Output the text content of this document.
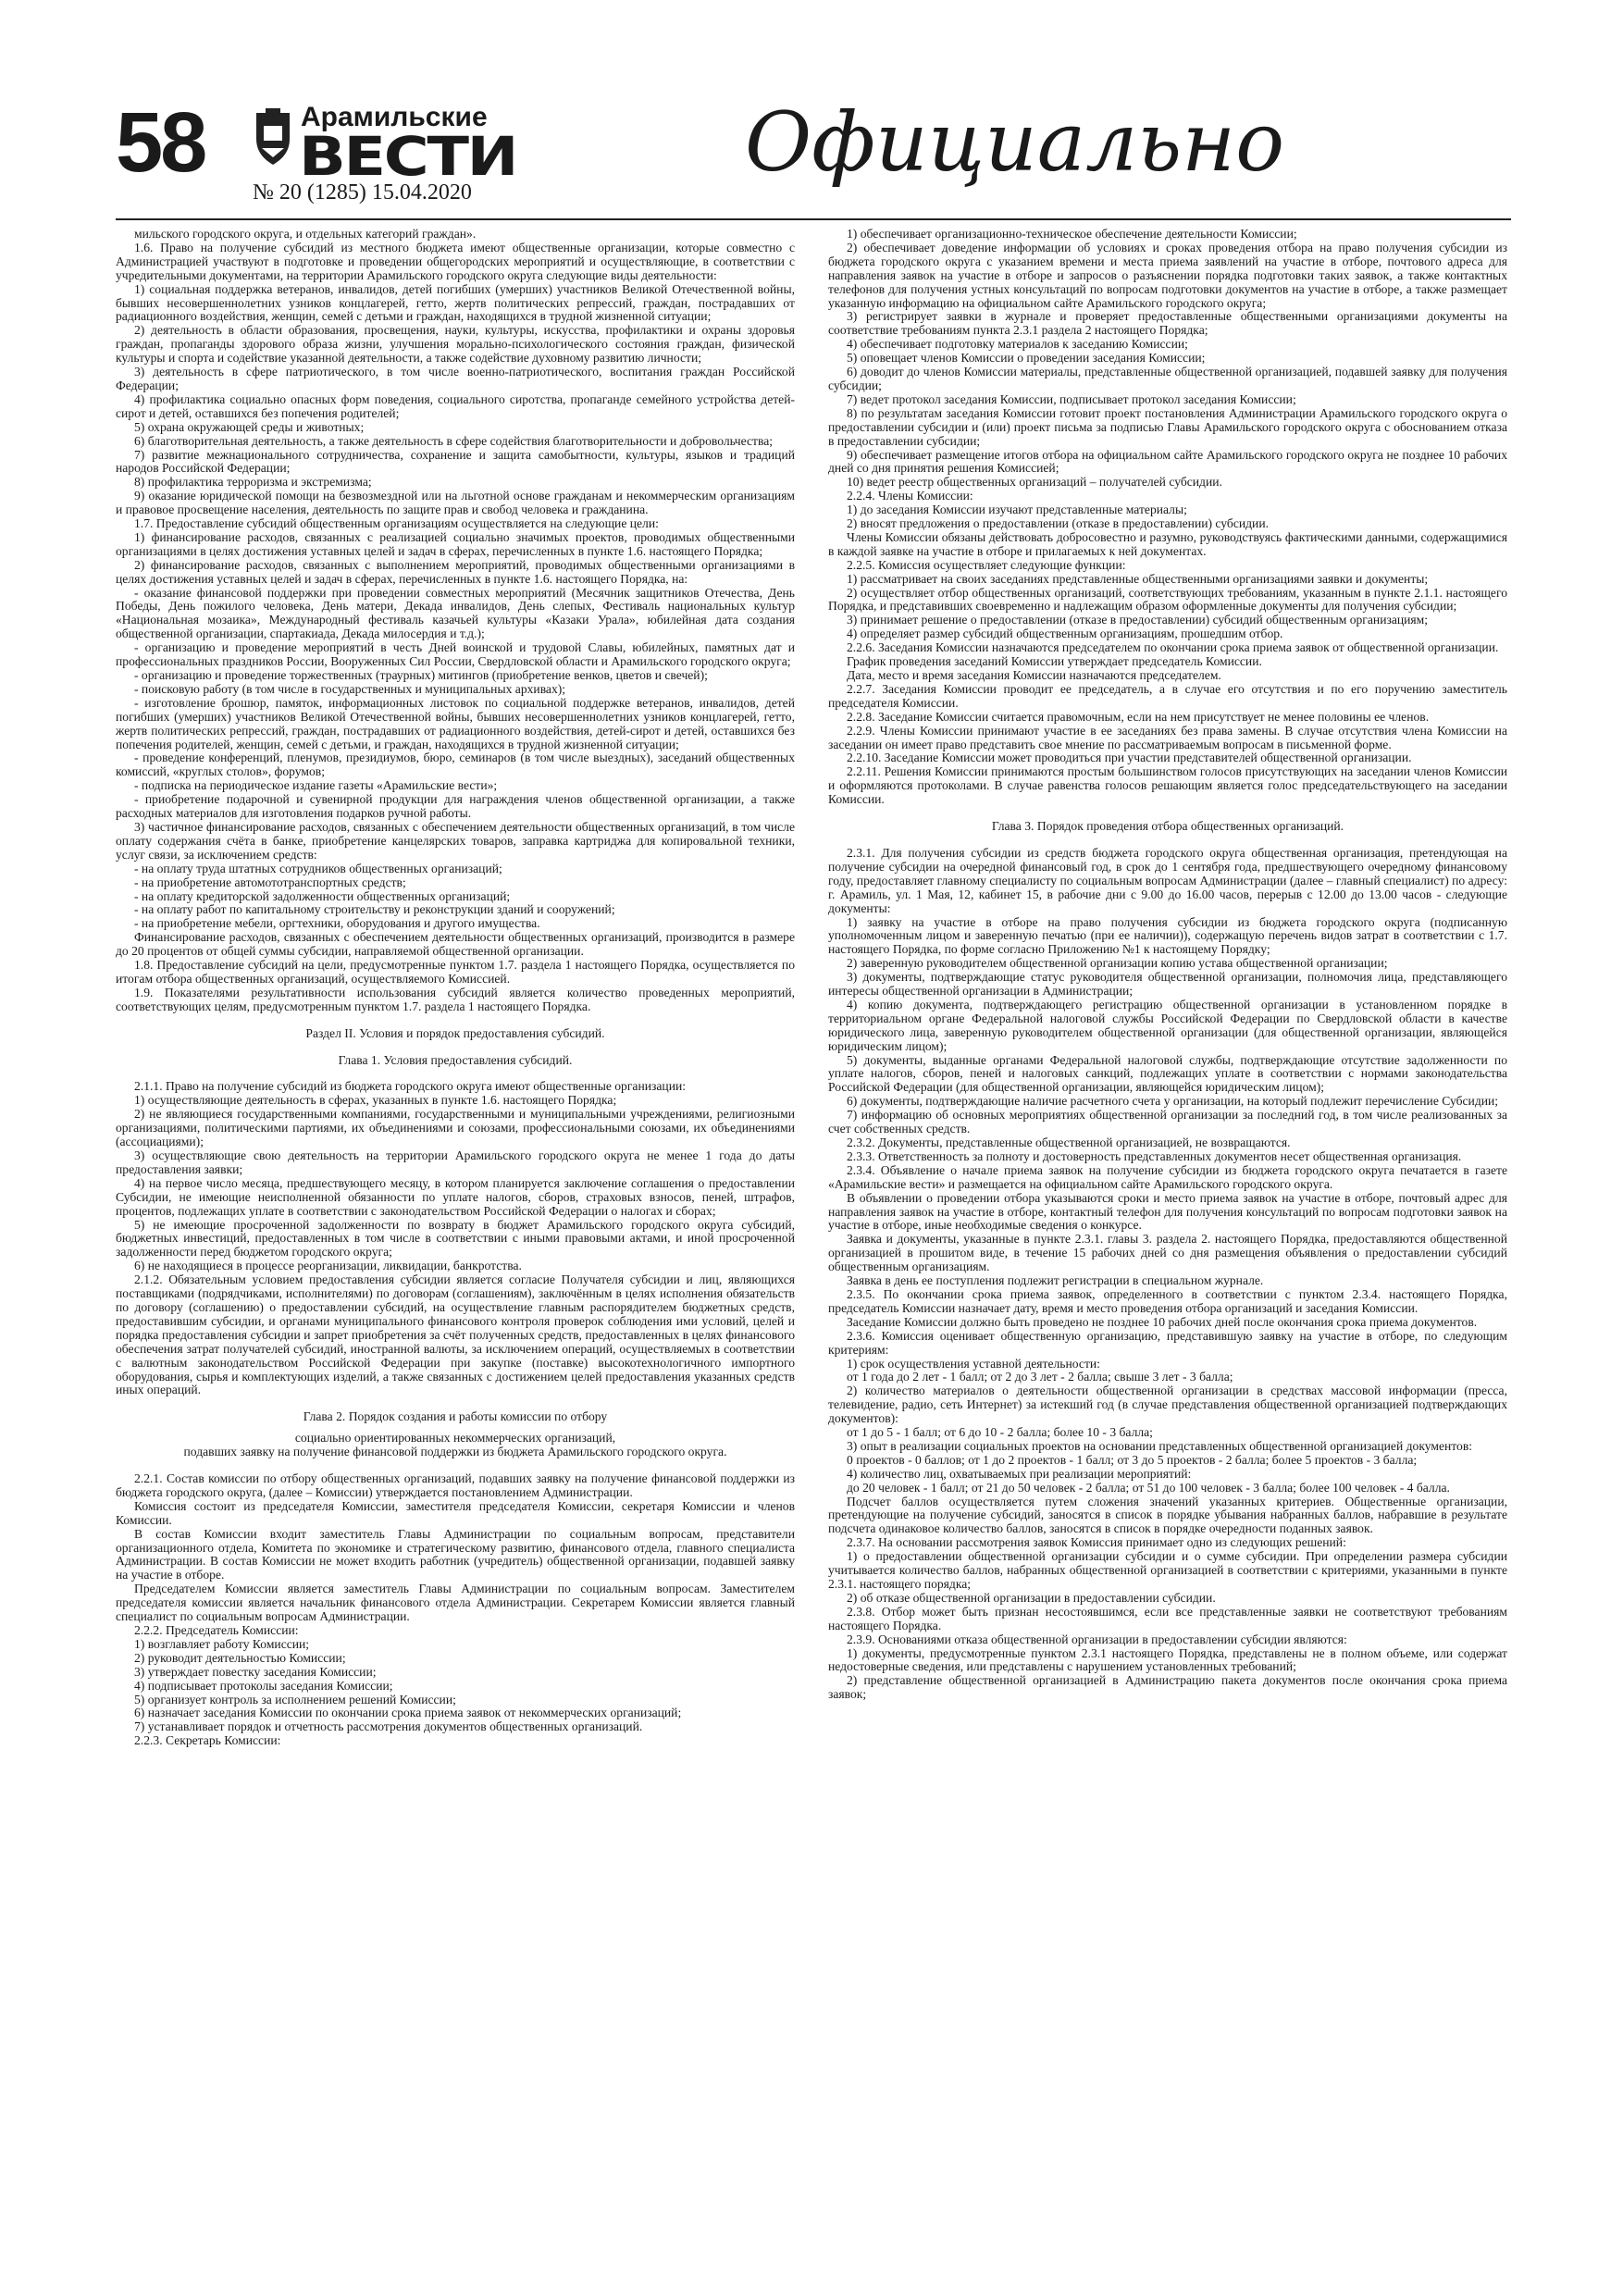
58	Арамильские
ВЕСТИ
№ 20 (1285) 15.04.2020
Официально

мильского городского округа, и отдельных категорий граждан».

1.6. Право на получение субсидий из местного бюджета имеют общественные организации, которые совместно с Администрацией участвуют в подготовке и проведении общегородских мероприятий и осуществляющие, в соответствии с учредительными документами, на территории Арамильского городского округа следующие виды деятельности:

1) социальная поддержка ветеранов, инвалидов, детей погибших (умерших) участников Великой Отечественной войны, бывших несовершеннолетних узников концлагерей, гетто, жертв политических репрессий, граждан, пострадавших от радиационного воздействия, женщин, семей с детьми и граждан, находящихся в трудной жизненной ситуации;

2) деятельность в области образования, просвещения, науки, культуры, искусства, профилактики и охраны здоровья граждан, пропаганды здорового образа жизни, улучшения морально-психологического состояния граждан, физической культуры и спорта и содействие указанной деятельности, а также содействие духовному развитию личности;

3) деятельность в сфере патриотического, в том числе военно-патриотического, воспитания граждан Российской Федерации;

4) профилактика социально опасных форм поведения, социального сиротства, пропаганде семейного устройства детей-сирот и детей, оставшихся без попечения родителей;

5) охрана окружающей среды и животных;

6) благотворительная деятельность, а также деятельность в сфере содействия благотворительности и добровольчества;

7) развитие межнационального сотрудничества, сохранение и защита самобытности, культуры, языков и традиций народов Российской Федерации;

8) профилактика терроризма и экстремизма;

9) оказание юридической помощи на безвозмездной или на льготной основе гражданам и некоммерческим организациям и правовое просвещение населения, деятельность по защите прав и свобод человека и гражданина.

1.7. Предоставление субсидий общественным организациям осуществляется на следующие цели:

1) финансирование расходов, связанных с реализацией социально значимых проектов, проводимых общественными организациями в целях достижения уставных целей и задач в сферах, перечисленных в пункте 1.6. настоящего Порядка;

2) финансирование расходов, связанных с выполнением мероприятий, проводимых общественными организациями в целях достижения уставных целей и задач в сферах, перечисленных в пункте 1.6. настоящего Порядка, на:

- оказание финансовой поддержки при проведении совместных мероприятий (Месячник защитников Отечества, День Победы, День пожилого человека, День матери, Декада инвалидов, День слепых, Фестиваль национальных культур «Национальная мозаика», Международный фестиваль казачьей культуры «Казаки Урала», юбилейная дата создания общественной организации, спартакиада, Декада милосердия и т.д.);

- организацию и проведение мероприятий в честь Дней воинской и трудовой Славы, юбилейных, памятных дат и профессиональных праздников России, Вооруженных Сил России, Свердловской области и Арамильского городского округа;

- организацию и проведение торжественных (траурных) митингов (приобретение венков, цветов и свечей);

- поисковую работу (в том числе в государственных и муниципальных архивах);

- изготовление брошюр, памяток, информационных листовок по социальной поддержке ветеранов, инвалидов, детей погибших (умерших) участников Великой Отечественной войны, бывших несовершеннолетних узников концлагерей, гетто, жертв политических репрессий, граждан, пострадавших от радиационного воздействия, детей-сирот и детей, оставшихся без попечения родителей, женщин, семей с детьми, и граждан, находящихся в трудной жизненной ситуации;

- проведение конференций, пленумов, президиумов, бюро, семинаров (в том числе выездных), заседаний общественных комиссий, «круглых столов», форумов;

- подписка на периодическое издание газеты «Арамильские вести»;

- приобретение подарочной и сувенирной продукции для награждения членов общественной организации, а также расходных материалов для изготовления подарков ручной работы.

3) частичное финансирование расходов, связанных с обеспечением деятельности общественных организаций, в том числе оплату содержания счёта в банке, приобретение канцелярских товаров, заправка картриджа для копировальной техники, услуг связи, за исключением средств:

- на оплату труда штатных сотрудников общественных организаций;

- на приобретение автомототранспортных средств;

- на оплату кредиторской задолженности общественных организаций;

- на оплату работ по капитальному строительству и реконструкции зданий и сооружений;

- на приобретение мебели, оргтехники, оборудования и другого имущества.

Финансирование расходов, связанных с обеспечением деятельности общественных организаций, производится в размере до 20 процентов от общей суммы субсидии, направляемой общественной организации.

1.8. Предоставление субсидий на цели, предусмотренные пунктом 1.7. раздела 1 настоящего Порядка, осуществляется по итогам отбора общественных организаций, осуществляемого Комиссией.

1.9. Показателями результативности использования субсидий является количество проведенных мероприятий, соответствующих целям, предусмотренным пунктом 1.7. раздела 1 настоящего Порядка.

Раздел II. Условия и порядок предоставления субсидий.

Глава 1. Условия предоставления субсидий.

2.1.1. Право на получение субсидий из бюджета городского округа имеют общественные организации:

1) осуществляющие деятельность в сферах, указанных в пункте 1.6. настоящего Порядка;

2) не являющиеся государственными компаниями, государственными и муниципальными учреждениями, религиозными организациями, политическими партиями, их объединениями и союзами, профессиональными союзами, их объединениями (ассоциациями);

3) осуществляющие свою деятельность на территории Арамильского городского округа не менее 1 года до даты предоставления заявки;

4) на первое число месяца, предшествующего месяцу, в котором планируется заключение соглашения о предоставлении Субсидии, не имеющие неисполненной обязанности по уплате налогов, сборов, страховых взносов, пеней, штрафов, процентов, подлежащих уплате в соответствии с законодательством Российской Федерации о налогах и сборах;

5) не имеющие просроченной задолженности по возврату в бюджет Арамильского городского округа субсидий, бюджетных инвестиций, предоставленных в том числе в соответствии с иными правовыми актами, и иной просроченной задолженности перед бюджетом городского округа;

6) не находящиеся в процессе реорганизации, ликвидации, банкротства.

2.1.2. Обязательным условием предоставления субсидии является согласие Получателя субсидии и лиц, являющихся поставщиками (подрядчиками, исполнителями) по договорам (соглашениям), заключённым в целях исполнения обязательств по договору (соглашению) о предоставлении субсидий, на осуществление главным распорядителем бюджетных средств, предоставившим субсидии, и органами муниципального финансового контроля проверок соблюдения ими условий, целей и порядка предоставления субсидии и запрет приобретения за счёт полученных средств, предоставленных в целях финансового обеспечения затрат получателей субсидий, иностранной валюты, за исключением операций, осуществляемых в соответствии с валютным законодательством Российской Федерации при закупке (поставке) высокотехнологичного импортного оборудования, сырья и комплектующих изделий, а также связанных с достижением целей предоставления указанных средств иных операций.

Глава 2. Порядок создания и работы комиссии по отбору

социально ориентированных некоммерческих организаций,

подавших заявку на получение финансовой поддержки из бюджета Арамильского городского округа.

2.2.1. Состав комиссии по отбору общественных организаций, подавших заявку на получение финансовой поддержки из бюджета городского округа, (далее – Комиссии) утверждается постановлением Администрации.

Комиссия состоит из председателя Комиссии, заместителя председателя Комиссии, секретаря Комиссии и членов Комиссии.

В состав Комиссии входит заместитель Главы Администрации по социальным вопросам, представители организационного отдела, Комитета по экономике и стратегическому развитию, финансового отдела, главного специалиста Администрации. В состав Комиссии не может входить работник (учредитель) общественной организации, подавшей заявку на участие в отборе.

Председателем Комиссии является заместитель Главы Администрации по социальным вопросам. Заместителем председателя комиссии является начальник финансового отдела Администрации. Секретарем Комиссии является главный специалист по социальным вопросам Администрации.

2.2.2. Председатель Комиссии:

1) возглавляет работу Комиссии;

2) руководит деятельностью Комиссии;

3) утверждает повестку заседания Комиссии;

4) подписывает протоколы заседания Комиссии;

5) организует контроль за исполнением решений Комиссии;

6) назначает заседания Комиссии по окончании срока приема заявок от некоммерческих организаций;

7) устанавливает порядок и отчетность рассмотрения документов общественных организаций.

2.2.3. Секретарь Комиссии:

1) обеспечивает организационно-техническое обеспечение деятельности Комиссии;

2) обеспечивает доведение информации об условиях и сроках проведения отбора на право получения субсидии из бюджета городского округа с указанием времени и места приема заявлений на участие в отборе, почтового адреса для направления заявок на участие в отборе и запросов о разъяснении порядка подготовки таких заявок, а также контактных телефонов для получения устных консультаций по вопросам подготовки документов на участие в отборе, а также размещает указанную информацию на официальном сайте Арамильского городского округа;

3) регистрирует заявки в журнале и проверяет предоставленные общественными организациями документы на соответствие требованиям пункта 2.3.1 раздела 2 настоящего Порядка;

4) обеспечивает подготовку материалов к заседанию Комиссии;

5) оповещает членов Комиссии о проведении заседания Комиссии;

6) доводит до членов Комиссии материалы, представленные общественной организацией, подавшей заявку для получения субсидии;

7) ведет протокол заседания Комиссии, подписывает протокол заседания Комиссии;

8) по результатам заседания Комиссии готовит проект постановления Администрации Арамильского городского округа о предоставлении субсидии и (или) проект письма за подписью Главы Арамильского городского округа с обоснованием отказа в предоставлении субсидии;

9) обеспечивает размещение итогов отбора на официальном сайте Арамильского городского округа не позднее 10 рабочих дней со дня принятия решения Комиссией;

10) ведет реестр общественных организаций – получателей субсидии.

2.2.4. Члены Комиссии:

1) до заседания Комиссии изучают представленные материалы;

2) вносят предложения о предоставлении (отказе в предоставлении) субсидии.

Члены Комиссии обязаны действовать добросовестно и разумно, руководствуясь фактическими данными, содержащимися в каждой заявке на участие в отборе и прилагаемых к ней документах.

2.2.5. Комиссия осуществляет следующие функции:

1) рассматривает на своих заседаниях представленные общественными организациями заявки и документы;

2) осуществляет отбор общественных организаций, соответствующих требованиям, указанным в пункте 2.1.1. настоящего Порядка, и представивших своевременно и надлежащим образом оформленные документы для получения субсидии;

3) принимает решение о предоставлении (отказе в предоставлении) субсидий общественным организациям;

4) определяет размер субсидий общественным организациям, прошедшим отбор.

2.2.6. Заседания Комиссии назначаются председателем по окончании срока приема заявок от общественной организации.

График проведения заседаний Комиссии утверждает председатель Комиссии.

Дата, место и время заседания Комиссии назначаются председателем.

2.2.7. Заседания Комиссии проводит ее председатель, а в случае его отсутствия и по его поручению заместитель председателя Комиссии.

2.2.8. Заседание Комиссии считается правомочным, если на нем присутствует не менее половины ее членов.

2.2.9. Члены Комиссии принимают участие в ее заседаниях без права замены. В случае отсутствия члена Комиссии на заседании он имеет право представить свое мнение по рассматриваемым вопросам в письменной форме.

2.2.10. Заседание Комиссии может проводиться при участии представителей общественной организации.

2.2.11. Решения Комиссии принимаются простым большинством голосов присутствующих на заседании членов Комиссии и оформляются протоколами. В случае равенства голосов решающим является голос председательствующего на заседании Комиссии.

Глава 3. Порядок проведения отбора общественных организаций.

2.3.1. Для получения субсидии из средств бюджета городского округа общественная организация, претендующая на получение субсидии на очередной финансовый год, в срок до 1 сентября года, предшествующего очередному финансовому году, предоставляет главному специалисту по социальным вопросам Администрации (далее – главный специалист) по адресу: г. Арамиль, ул. 1 Мая, 12, кабинет 15, в рабочие дни с 9.00 до 16.00 часов, перерыв с 12.00 до 13.00 часов - следующие документы:

1) заявку на участие в отборе на право получения субсидии из бюджета городского округа (подписанную уполномоченным лицом и заверенную печатью (при ее наличии)), содержащую перечень видов затрат в соответствии с 1.7. настоящего Порядка, по форме согласно Приложению №1 к настоящему Порядку;

2) заверенную руководителем общественной организации копию устава общественной организации;

3) документы, подтверждающие статус руководителя общественной организации, полномочия лица, представляющего интересы общественной организации в Администрации;

4) копию документа, подтверждающего регистрацию общественной организации в установленном порядке в территориальном органе Федеральной налоговой службы Российской Федерации по Свердловской области в качестве юридического лица, заверенную руководителем общественной организации (для общественной организации, являющейся юридическим лицом);

5) документы, выданные органами Федеральной налоговой службы, подтверждающие отсутствие задолженности по уплате налогов, сборов, пеней и налоговых санкций, подлежащих уплате в соответствии с нормами законодательства Российской Федерации (для общественной организации, являющейся юридическим лицом);

6) документы, подтверждающие наличие расчетного счета у организации, на который подлежит перечисление Субсидии;

7) информацию об основных мероприятиях общественной организации за последний год, в том числе реализованных за счет собственных средств.

2.3.2. Документы, представленные общественной организацией, не возвращаются.

2.3.3. Ответственность за полноту и достоверность представленных документов несет общественная организация.

2.3.4. Объявление о начале приема заявок на получение субсидии из бюджета городского округа печатается в газете «Арамильские вести» и размещается на официальном сайте Арамильского городского округа.

В объявлении о проведении отбора указываются сроки и место приема заявок на участие в отборе, почтовый адрес для направления заявок на участие в отборе, контактный телефон для получения консультаций по вопросам подготовки заявок на участие в отборе, иные необходимые сведения о конкурсе.

Заявка и документы, указанные в пункте 2.3.1. главы 3. раздела 2. настоящего Порядка, предоставляются общественной организацией в прошитом виде, в течение 15 рабочих дней со дня размещения объявления о предоставлении субсидий общественным организациям.

Заявка в день ее поступления подлежит регистрации в специальном журнале.

2.3.5. По окончании срока приема заявок, определенного в соответствии с пунктом 2.3.4. настоящего Порядка, председатель Комиссии назначает дату, время и место проведения отбора организаций и заседания Комиссии.

Заседание Комиссии должно быть проведено не позднее 10 рабочих дней после окончания срока приема документов.

2.3.6. Комиссия оценивает общественную организацию, представившую заявку на участие в отборе, по следующим критериям:

1) срок осуществления уставной деятельности:

от 1 года до 2 лет - 1 балл; от 2 до 3 лет - 2 балла; свыше 3 лет - 3 балла;

2) количество материалов о деятельности общественной организации в средствах массовой информации (пресса, телевидение, радио, сеть Интернет) за истекший год (в случае представления общественной организацией подтверждающих документов):

от 1 до 5 - 1 балл; от 6 до 10 - 2 балла; более 10 - 3 балла;

3) опыт в реализации социальных проектов на основании представленных общественной организацией документов:

0 проектов - 0 баллов; от 1 до 2 проектов - 1 балл; от 3 до 5 проектов - 2 балла; более 5 проектов - 3 балла;

4) количество лиц, охватываемых при реализации мероприятий:

до 20 человек - 1 балл; от 21 до 50 человек - 2 балла; от 51 до 100 человек - 3 балла; более 100 человек - 4 балла.

Подсчет баллов осуществляется путем сложения значений указанных критериев. Общественные организации, претендующие на получение субсидий, заносятся в список в порядке убывания набранных баллов, набравшие в результате подсчета одинаковое количество баллов, заносятся в список в порядке очередности поданных заявок.

2.3.7. На основании рассмотрения заявок Комиссия принимает одно из следующих решений:

1) о предоставлении общественной организации субсидии и о сумме субсидии. При определении размера субсидии учитывается количество баллов, набранных общественной организацией в соответствии с критериями, указанными в пункте 2.3.1. настоящего порядка;

2) об отказе общественной организации в предоставлении субсидии.

2.3.8. Отбор может быть признан несостоявшимся, если все представленные заявки не соответствуют требованиям настоящего Порядка.

2.3.9. Основаниями отказа общественной организации в предоставлении субсидии являются:

1) документы, предусмотренные пунктом 2.3.1 настоящего Порядка, представлены не в полном объеме, или содержат недостоверные сведения, или представлены с нарушением установленных требований;

2) представление общественной организацией в Администрацию пакета документов после окончания срока приема заявок;
